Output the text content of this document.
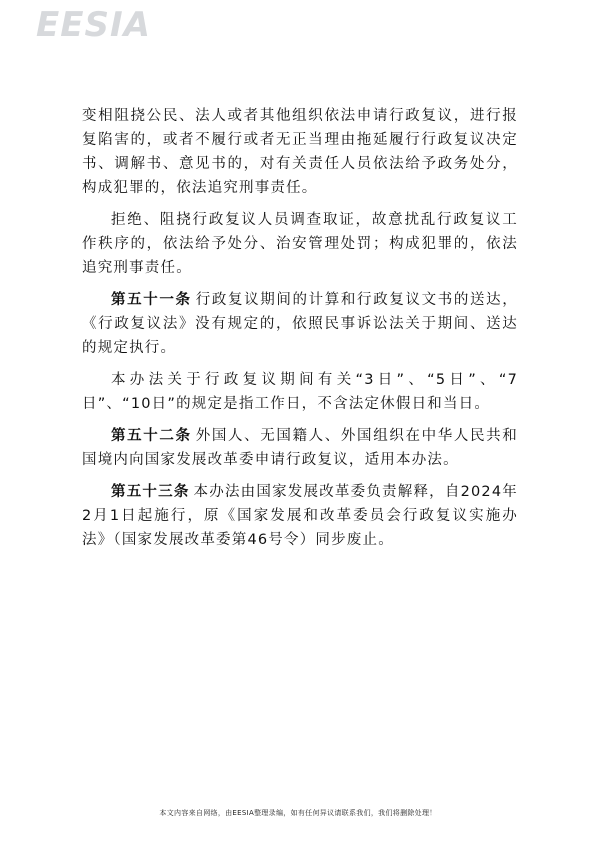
EESIA

变相阻挠公民、法人或者其他组织依法申请行政复议，进行报复陷害的，或者不履行或者无正当理由拖延履行行政复议决定书、调解书、意见书的，对有关责任人员依法给予政务处分，构成犯罪的，依法追究刑事责任。

拒绝、阻挠行政复议人员调查取证，故意扰乱行政复议工作秩序的，依法给予处分、治安管理处罚；构成犯罪的，依法追究刑事责任。

第五十一条 行政复议期间的计算和行政复议文书的送达，《行政复议法》没有规定的，依照民事诉讼法关于期间、送达的规定执行。

本办法关于行政复议期间有关“3日”、“5日”、“7日”、“10日”的规定是指工作日，不含法定休假日和当日。

第五十二条 外国人、无国籍人、外国组织在中华人民共和国境内向国家发展改革委申请行政复议，适用本办法。

第五十三条 本办法由国家发展改革委负责解释，自2024年2月1日起施行，原《国家发展和改革委员会行政复议实施办法》（国家发展改革委第46号令）同步废止。

本文内容来自网络，由EESIA整理录编，如有任何异议请联系我们，我们将删除处理！
